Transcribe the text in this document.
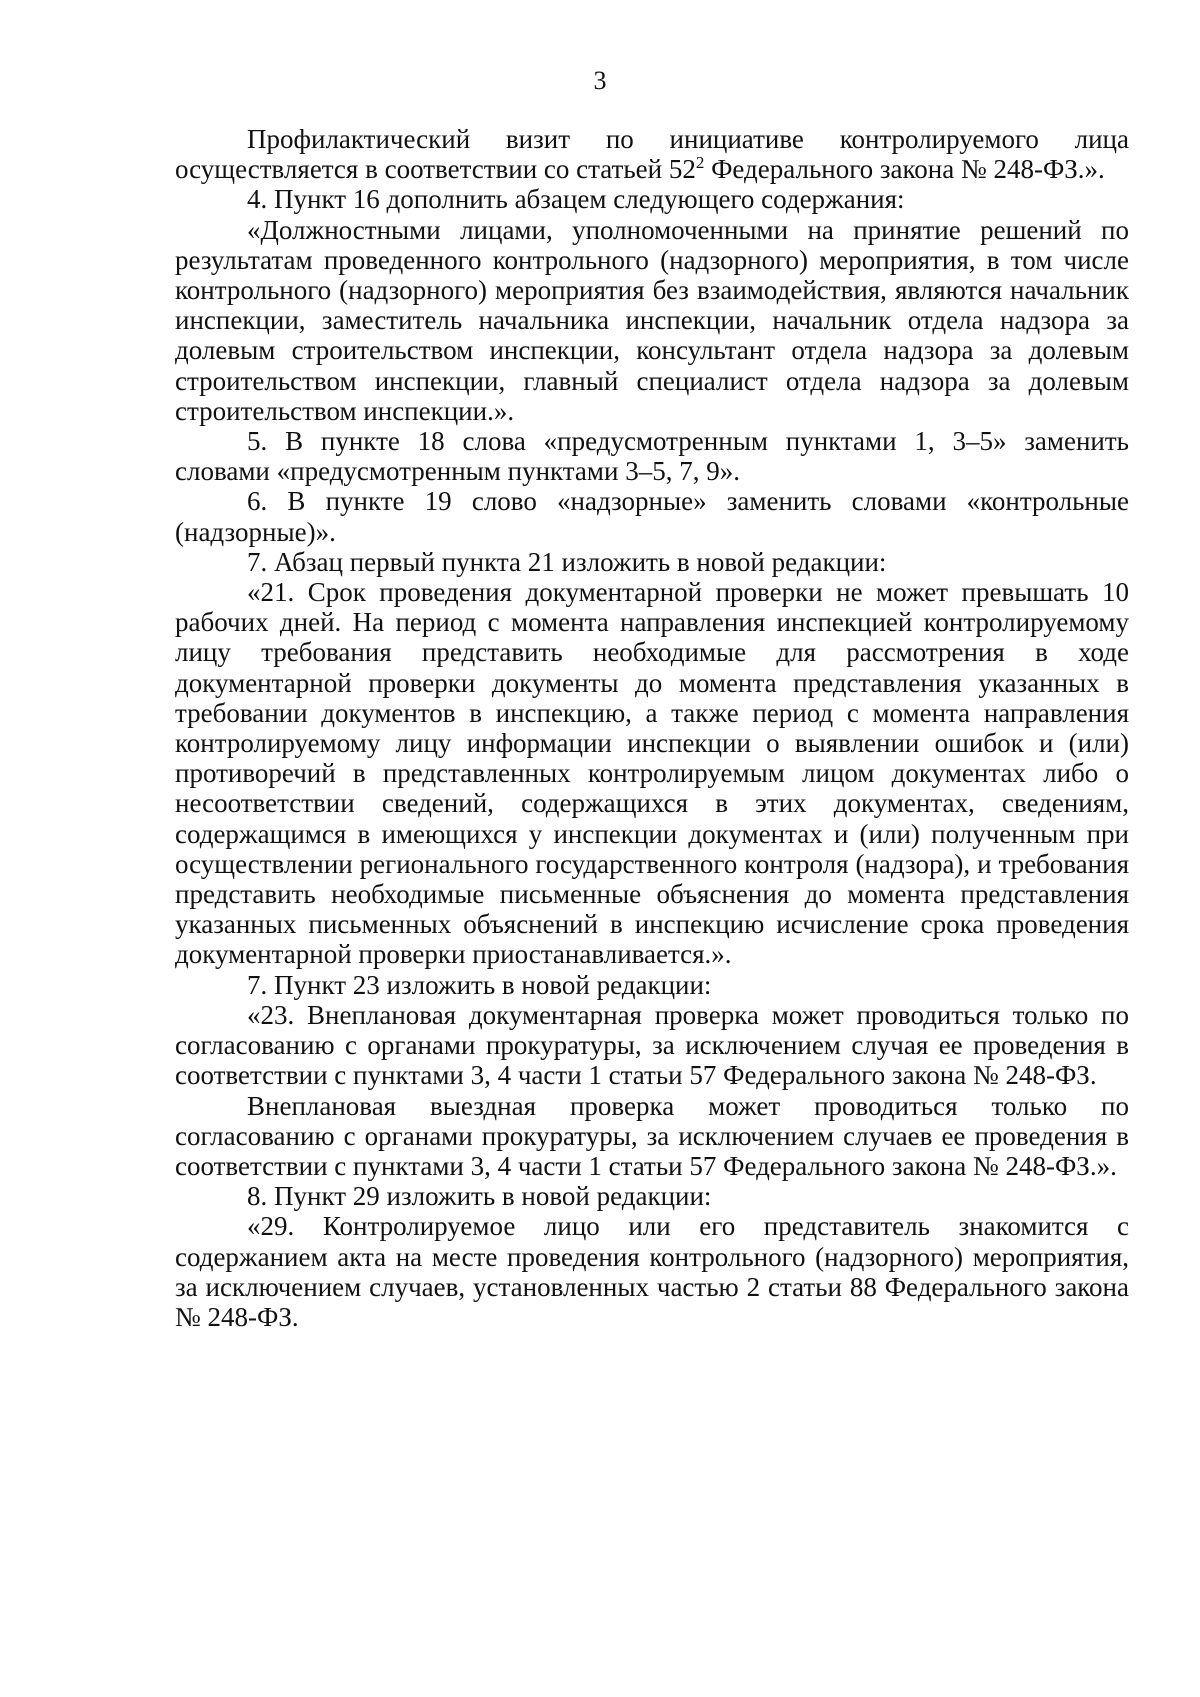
3

Профилактический визит по инициативе контролируемого лица осуществляется в соответствии со статьей $52^2$ Федерального закона № 248-ФЗ.».

4. Пункт 16 дополнить абзацем следующего содержания:

«Должностными лицами, уполномоченными на принятие решений по результатам проведенного контрольного (надзорного) мероприятия, в том числе контрольного (надзорного) мероприятия без взаимодействия, являются начальник инспекции, заместитель начальника инспекции, начальник отдела надзора за долевым строительством инспекции, консультант отдела надзора за долевым строительством инспекции, главный специалист отдела надзора за долевым строительством инспекции.».

5. В пункте 18 слова «предусмотренным пунктами 1, 3–5» заменить словами «предусмотренным пунктами 3–5, 7, 9».

6. В пункте 19 слово «надзорные» заменить словами «контрольные (надзорные)».

7. Абзац первый пункта 21 изложить в новой редакции:

«21. Срок проведения документарной проверки не может превышать 10 рабочих дней. На период с момента направления инспекцией контролируемому лицу требования представить необходимые для рассмотрения в ходе документарной проверки документы до момента представления указанных в требовании документов в инспекцию, а также период с момента направления контролируемому лицу информации инспекции о выявлении ошибок и (или) противоречий в представленных контролируемым лицом документах либо о несоответствии сведений, содержащихся в этих документах, сведениям, содержащимся в имеющихся у инспекции документах и (или) полученным при осуществлении регионального государственного контроля (надзора), и требования представить необходимые письменные объяснения до момента представления указанных письменных объяснений в инспекцию исчисление срока проведения документарной проверки приостанавливается.».

7. Пункт 23 изложить в новой редакции:

«23. Внеплановая документарная проверка может проводиться только по согласованию с органами прокуратуры, за исключением случая ее проведения в соответствии с пунктами 3, 4 части 1 статьи 57 Федерального закона № 248-ФЗ.

Внеплановая выездная проверка может проводиться только по согласованию с органами прокуратуры, за исключением случаев ее проведения в соответствии с пунктами 3, 4 части 1 статьи 57 Федерального закона № 248-ФЗ.».

8. Пункт 29 изложить в новой редакции:

«29. Контролируемое лицо или его представитель знакомится с содержанием акта на месте проведения контрольного (надзорного) мероприятия, за исключением случаев, установленных частью 2 статьи 88 Федерального закона № 248-ФЗ.
